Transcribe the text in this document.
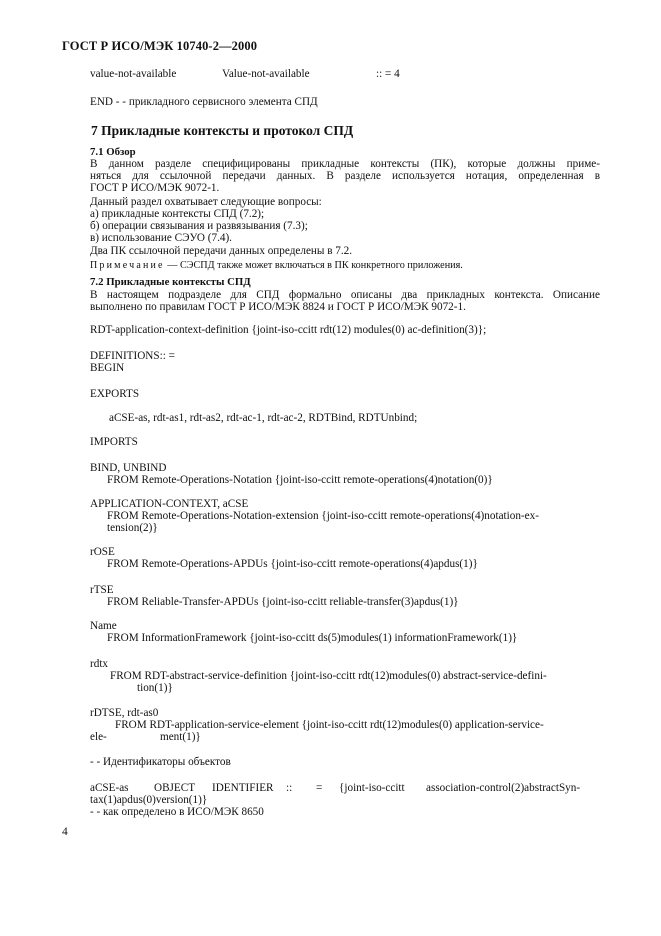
ГОСТ Р ИСО/МЭК 10740-2—2000
value-not-available	Value-not-available	:: = 4
END - - прикладного сервисного элемента СПД
7 Прикладные контексты и протокол СПД
7.1 Обзор
В данном разделе специфицированы прикладные контексты (ПК), которые должны приме-
няться для ссылочной передачи данных. В разделе используется нотация, определенная в
ГОСТ Р ИСО/МЭК 9072-1.
Данный раздел охватывает следующие вопросы:
а) прикладные контексты СПД (7.2);
б) операции связывания и развязывания (7.3);
в) использование СЭУО (7.4).
Два ПК ссылочной передачи данных определены в 7.2.
Примечание — СЭСПД также может включаться в ПК конкретного приложения.
7.2 Прикладные контексты СПД
В настоящем подразделе для СПД формально описаны два прикладных контекста. Описание
выполнено по правилам ГОСТ Р ИСО/МЭК 8824 и ГОСТ Р ИСО/МЭК 9072-1.
RDT-application-context-definition {joint-iso-ccitt rdt(12) modules(0) ac-definition(3)};
DEFINITIONS:: =
BEGIN
EXPORTS
aCSE-as, rdt-as1, rdt-as2, rdt-ac-1, rdt-ac-2, RDTBind, RDTUnbind;
IMPORTS
BIND, UNBIND
FROM Remote-Operations-Notation {joint-iso-ccitt remote-operations(4)notation(0)}
APPLICATION-CONTEXT, aCSE
FROM Remote-Operations-Notation-extension {joint-iso-ccitt remote-operations(4)notation-ex-
tension(2)}
rOSE
FROM Remote-Operations-APDUs {joint-iso-ccitt remote-operations(4)apdus(1)}
rTSE
FROM Reliable-Transfer-APDUs {joint-iso-ccitt reliable-transfer(3)apdus(1)}
Name
FROM InformationFramework {joint-iso-ccitt ds(5)modules(1) informationFramework(1)}
rdtx
FROM RDT-abstract-service-definition {joint-iso-ccitt rdt(12)modules(0) abstract-service-defini-
tion(1)}
rDTSE, rdt-as0
FROM RDT-application-service-element {joint-iso-ccitt rdt(12)modules(0) application-service-
ele-	ment(1)}
- - Идентификаторы объектов
aCSE-as OBJECT IDENTIFIER :: = {joint-iso-ccitt association-control(2)abstractSyn-
tax(1)apdus(0)version(1)}
- - как определено в ИСО/МЭК 8650
4
